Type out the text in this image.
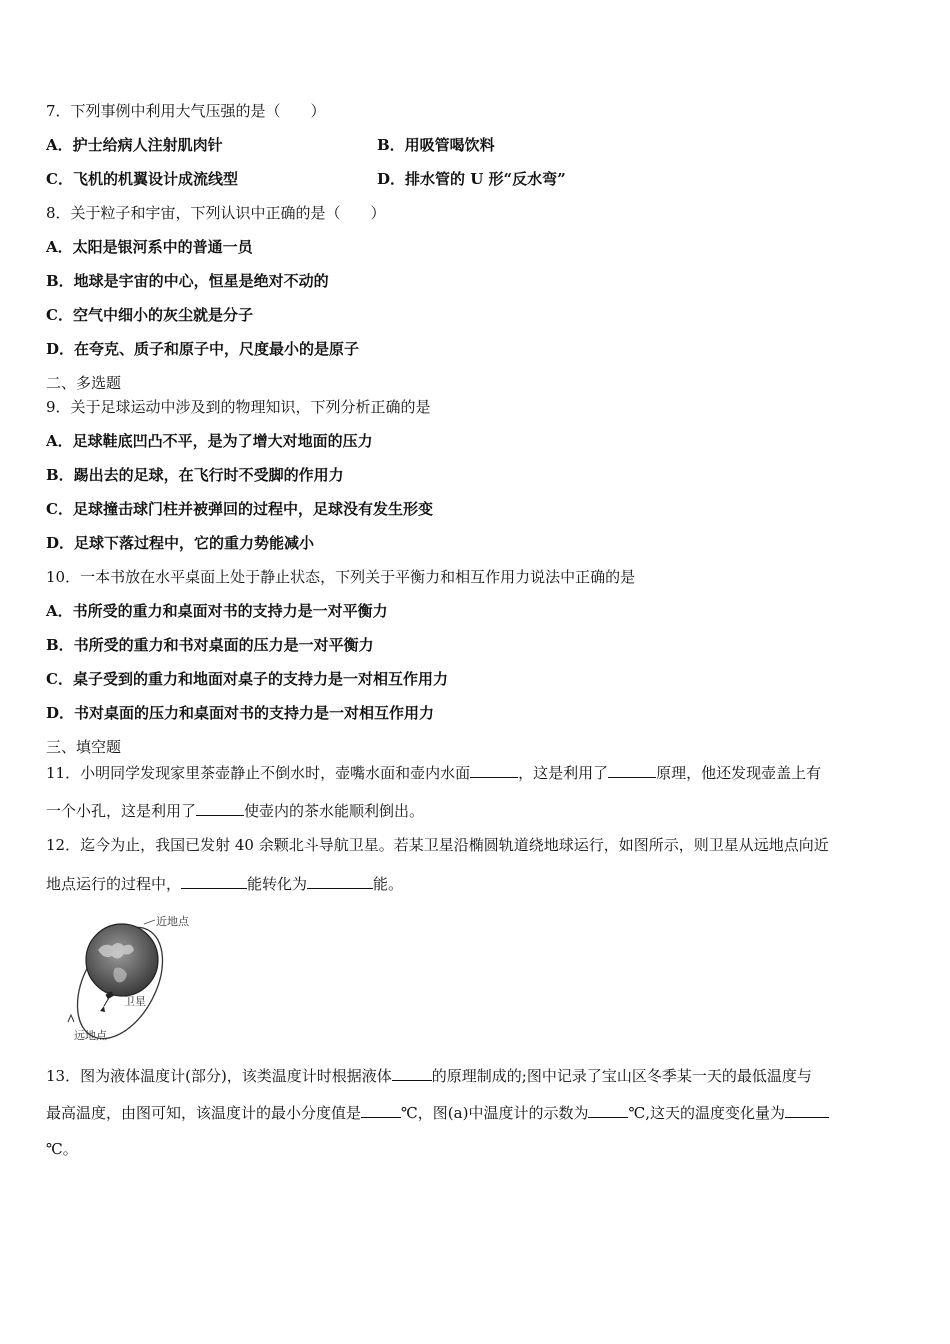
7．下列事例中利用大气压强的是（　　）
A．护士给病人注射肌肉针	B．用吸管喝饮料
C．飞机的机翼设计成流线型	D．排水管的 U 形“反水弯”
8．关于粒子和宇宙，下列认识中正确的是（　　）
A．太阳是银河系中的普通一员
B．地球是宇宙的中心，恒星是绝对不动的
C．空气中细小的灰尘就是分子
D．在夸克、质子和原子中，尺度最小的是原子
二、多选题
9．关于足球运动中涉及到的物理知识，下列分析正确的是
A．足球鞋底凹凸不平，是为了增大对地面的压力
B．踢出去的足球，在飞行时不受脚的作用力
C．足球撞击球门柱并被弹回的过程中，足球没有发生形变
D．足球下落过程中，它的重力势能减小
10．一本书放在水平桌面上处于静止状态，下列关于平衡力和相互作用力说法中正确的是
A．书所受的重力和桌面对书的支持力是一对平衡力
B．书所受的重力和书对桌面的压力是一对平衡力
C．桌子受到的重力和地面对桌子的支持力是一对相互作用力
D．书对桌面的压力和桌面对书的支持力是一对相互作用力
三、填空题
11．小明同学发现家里茶壶静止不倒水时，壶嘴水面和壶内水面	，这是利用了	原理，他还发现壶盖上有
一个小孔，这是利用了	使壶内的茶水能顺利倒出。
12．迄今为止，我国已发射 40 余颗北斗导航卫星。若某卫星沿椭圆轨道绕地球运行，如图所示，则卫星从远地点向近
地点运行的过程中，	能转化为	能。
近地点
卫星
远地点
13．图为液体温度计(部分)，该类温度计时根据液体	的原理制成的;图中记录了宝山区冬季某一天的最低温度与
最高温度，由图可知，该温度计的最小分度值是	℃，图(a)中温度计的示数为	℃,这天的温度变化量为
℃。
